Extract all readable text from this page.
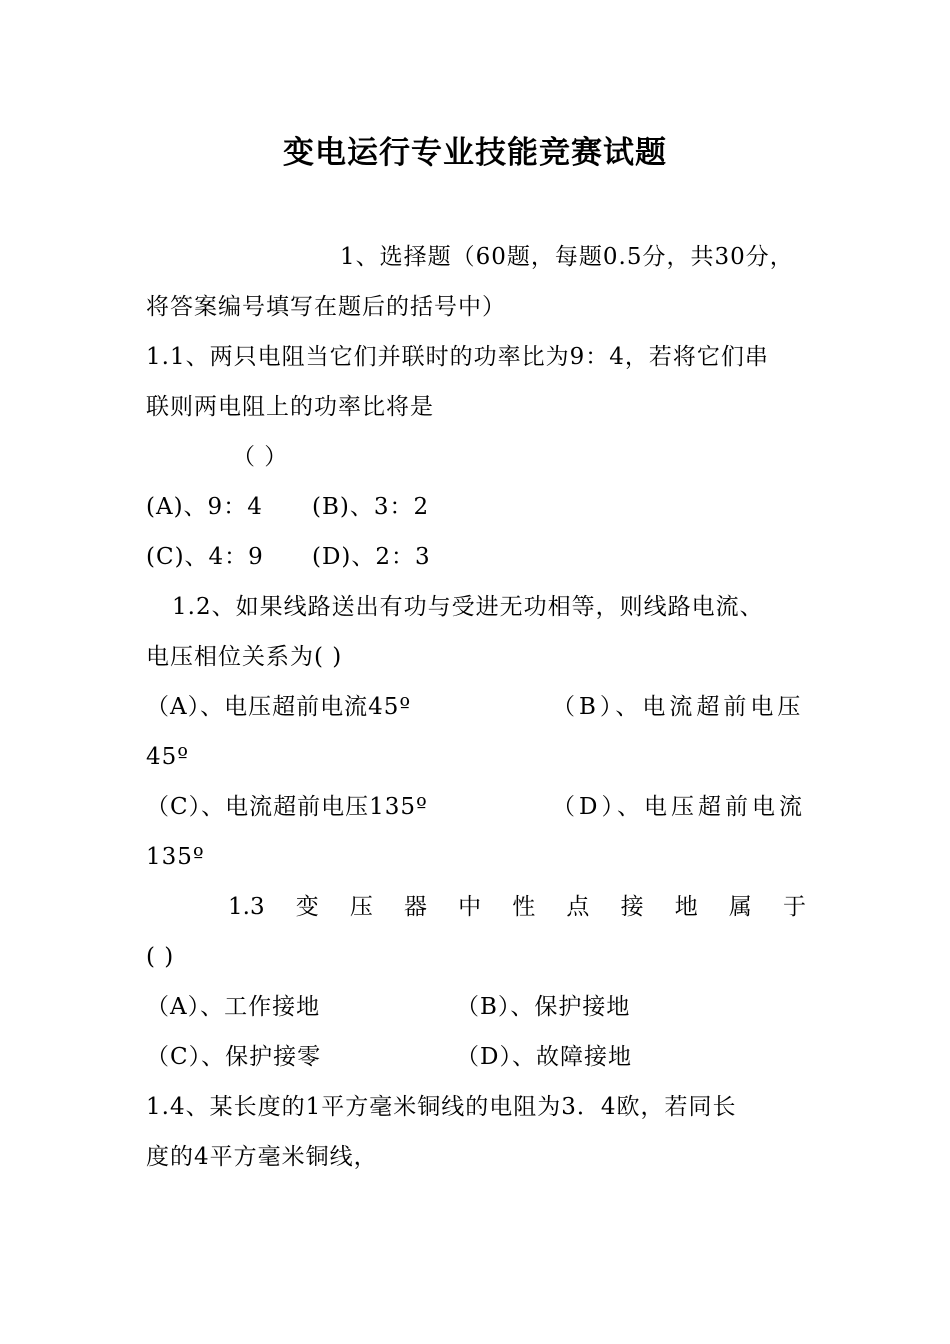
变电运行专业技能竞赛试题
1、选择题（60题，每题0.5分，共30分，
将答案编号填写在题后的括号中）
1.1、两只电阻当它们并联时的功率比为9：4，若将它们串
联则两电阻上的功率比将是
（ ）
(A)、9：4 (B)、3：2
(C)、4：9 (D)、2：3
1.2、如果线路送出有功与受进无功相等，则线路电流、
电压相位关系为( )
（A）、电压超前电流45º	（B）、电流超前电压
45º
（C）、电流超前电压135º	（D）、电压超前电流
135º
1.3 变 压 器 中 性 点 接 地 属 于
( )
（A）、工作接地	（B）、保护接地
（C）、保护接零	（D）、故障接地
1.4、某长度的1平方毫米铜线的电阻为3．4欧，若同长
度的4平方毫米铜线，
